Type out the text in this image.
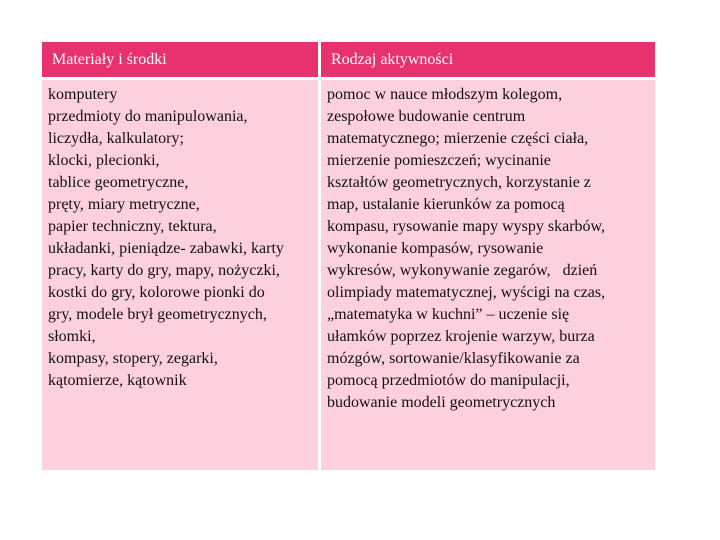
Materiały i środki	Rodzaj aktywności
komputery
przedmioty do manipulowania,
liczydła, kalkulatory;
klocki, plecionki,
tablice geometryczne,
pręty, miary metryczne,
papier techniczny, tektura,
układanki, pieniądze- zabawki, karty
pracy, karty do gry, mapy, nożyczki,
kostki do gry, kolorowe pionki do
gry, modele brył geometrycznych,
słomki,
kompasy, stopery, zegarki,
kątomierze, kątownik
pomoc w nauce młodszym kolegom,
zespołowe budowanie centrum
matematycznego; mierzenie części ciała,
mierzenie pomieszczeń; wycinanie
kształtów geometrycznych, korzystanie z
map, ustalanie kierunków za pomocą
kompasu, rysowanie mapy wyspy skarbów,
wykonanie kompasów, rysowanie
wykresów, wykonywanie zegarów,   dzień
olimpiady matematycznej, wyścigi na czas,
„matematyka w kuchni” – uczenie się
ułamków poprzez krojenie warzyw, burza
mózgów, sortowanie/klasyfikowanie za
pomocą przedmiotów do manipulacji,
budowanie modeli geometrycznych
